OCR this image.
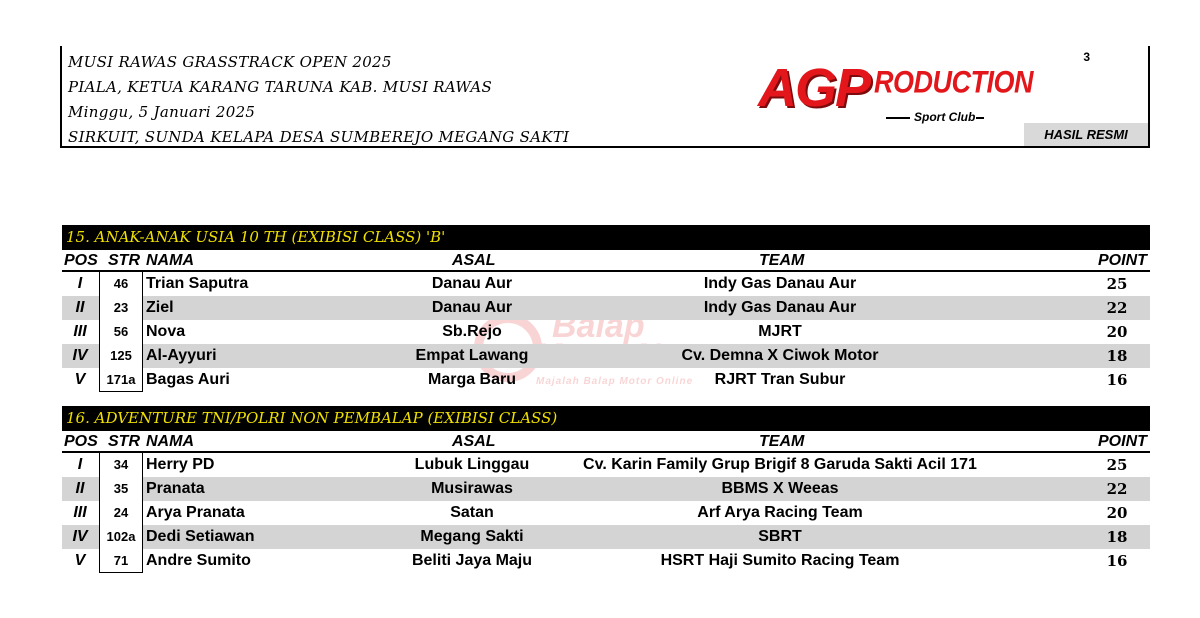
MUSI RAWAS GRASSTRACK OPEN 2025
PIALA, KETUA KARANG TARUNA KAB. MUSI RAWAS
Minggu, 5 Januari 2025
SIRKUIT, SUNDA KELAPA DESA SUMBEREJO MEGANG SAKTI
3
AGP RODUCTION
Sport Club
HASIL RESMI
Balap
Majalah Balap Motor Online
15. ANAK-ANAK USIA 10 TH (EXIBISI CLASS) 'B'
POS STR NAMA	ASAL	TEAM	POINT
I	46	Trian Saputra	Danau Aur	Indy Gas Danau Aur	25
II	23	Ziel	Danau Aur	Indy Gas Danau Aur	22
III	56	Nova	Sb.Rejo	MJRT	20
IV	125 Al-Ayyuri	Empat Lawang	Cv. Demna X Ciwok Motor	18
V	171a Bagas Auri	Marga Baru	RJRT Tran Subur	16
16. ADVENTURE TNI/POLRI NON PEMBALAP (EXIBISI CLASS)
POS STR NAMA	ASAL	TEAM	POINT
I	34	Herry PD	Lubuk Linggau	Cv. Karin Family Grup Brigif 8 Garuda Sakti Acil 171	25
II	35	Pranata	Musirawas	BBMS X Weeas	22
III	24	Arya Pranata	Satan	Arf Arya Racing Team	20
IV	102a Dedi Setiawan	Megang Sakti	SBRT	18
V	71	Andre Sumito	Beliti Jaya Maju	HSRT Haji Sumito Racing Team	16
